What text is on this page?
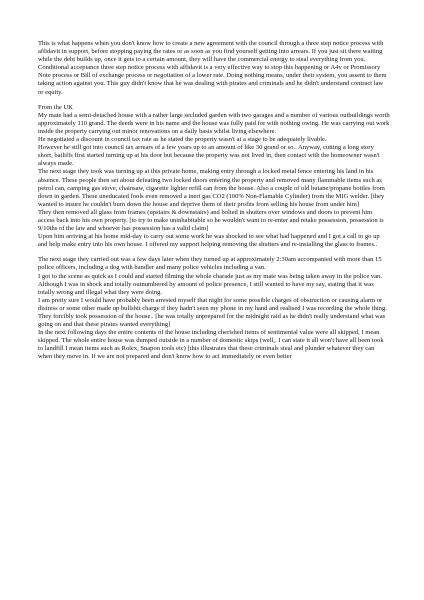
This is what happens when you don't know how to create a new agreement with the council through a three step notice process with affidavit in support, before stopping paying the rates or as soon as you find yourself getting into arrears. If you just sit there waiting while the debt builds up, once it gets to a certain amount, they will have the commercial energy to steal everything from you. Conditional acceptance three step notice process with affidavit is a very effective way to stop this happening or A4v or Promissory Note process or Bill of exchange process or negotiation of a lower rate. Doing nothing means, under their system, you assent to them taking action against you. This guy didn't know that he was dealing with pirates and criminals and he didn't understand contract law or equity.

From the UK

My mate had a semi-detached house with a rather large secluded garden with two garages and a number of various outbuildings worth approximately 110 grand. The deeds were in his name and the house was fully paid for with nothing owing. He was carrying out work inside the property carrying out minor renovations on a daily basis whilst living elsewhere.

He negotiated a discount in council tax rate as he stated the property wasn't at a stage to be adequately livable.

However he still got into council tax arrears of a few years up to an amount of like 30 grand or so.. Anyway, cutting a long story short, bailiffs first started turning up at his door but because the property was not lived in, then contact with the homeowner wasn't always made.

The next stage they took was turning up at this private home, making entry through a locked metal fence entering his land in his absence. These people then set about defeating two locked doors entering the property and removed many flammable items such as petrol can, camping gas stove, chainsaw, cigarette lighter refill can from the house. Also a couple of old butane/propane bottles from down in garden. These uneducated fools even removed a inert gas CO2 (100% Non-Flamable Cylinder) from the MIG welder. [they wanted to insure he couldn't burn down the house and deprive them of their profits from selling his house from under him]

They then removed all glass from frames (upstairs & downstairs) and bolted in shutters over windows and doors to prevent him access back into his own property. [to try to make uninhabitable so he wouldn't want to re-enter and retake possession, possession is 9/10ths of the law and whoever has possession has a valid claim]

Upon him arriving at his home mid-day to carry out some work he was shocked to see what had happened and I got a call to go up and help make entry into his own house. I offered my support helping removing the shutters and re-installing the glass to frames..

The next stage they carried out was a few days later when they turned up at approximately 2:30am accompanied with more than 15 police officers, including a dog with handler and many police vehicles including a van.

I got to the scene as quick as I could and started filming the whole charade just as my mate was being taken away in the police van. Although I was in shock and totally outnumbered by amount of police presence, I still wanted to have my say, stating that it was totally wrong and illegal what they were doing.

I am pretty sure I would have probably been arrested myself that night for some possible charges of obstruction or causing alarm or distress or some other made up bullshit charge if they hadn't seen my phone in my hand and realised I was recording the whole thing.

They forcibly took possession of the house.. [he was totally unprepared for the midnight raid as he didn't really understand what was going on and that these pirates wanted everything]

In the next following days the entire contents of the house including cherished items of sentimental value were all skipped, I mean skipped. The whole entire house was dumped outside in a number of domestic skips (well,. I can state it all won't have all been took to landfill I mean items such as Rolex, Snapon tools etc) [this illustrates that these criminals steal and plunder whatever they can when they move in. If we are not prepared and don't know how to act immediately or even better
